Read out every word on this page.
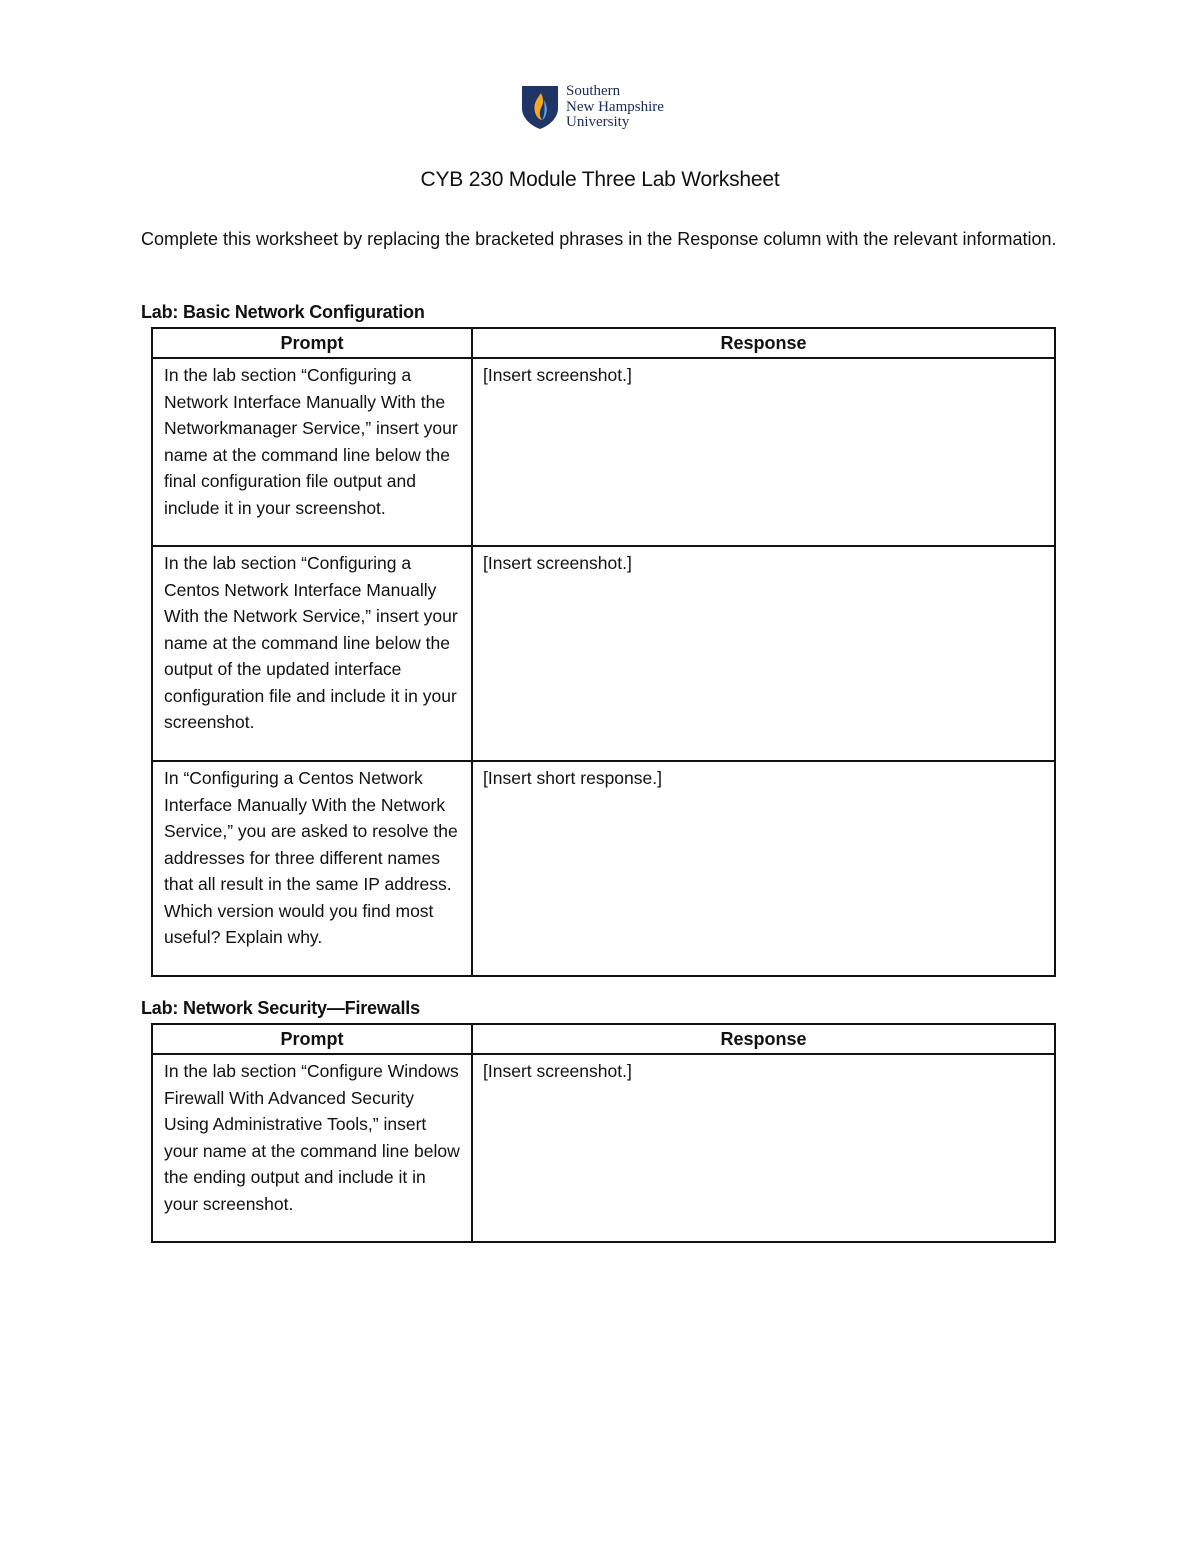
Southern
New Hampshire
University
CYB 230 Module Three Lab Worksheet
Complete this worksheet by replacing the bracketed phrases in the Response column with the relevant information.
Lab: Basic Network Configuration
Prompt	Response
In the lab section “Configuring a Network Interface Manually With the Networkmanager Service,” insert your name at the command line below the final configuration file output and include it in your screenshot.	[Insert screenshot.]
In the lab section “Configuring a Centos Network Interface Manually With the Network Service,” insert your name at the command line below the output of the updated interface configuration file and include it in your screenshot.	[Insert screenshot.]
In “Configuring a Centos Network Interface Manually With the Network Service,” you are asked to resolve the addresses for three different names that all result in the same IP address. Which version would you find most useful? Explain why.	[Insert short response.]
Lab: Network Security—Firewalls
Prompt	Response
In the lab section “Configure Windows Firewall With Advanced Security Using Administrative Tools,” insert your name at the command line below the ending output and include it in your screenshot.	[Insert screenshot.]
